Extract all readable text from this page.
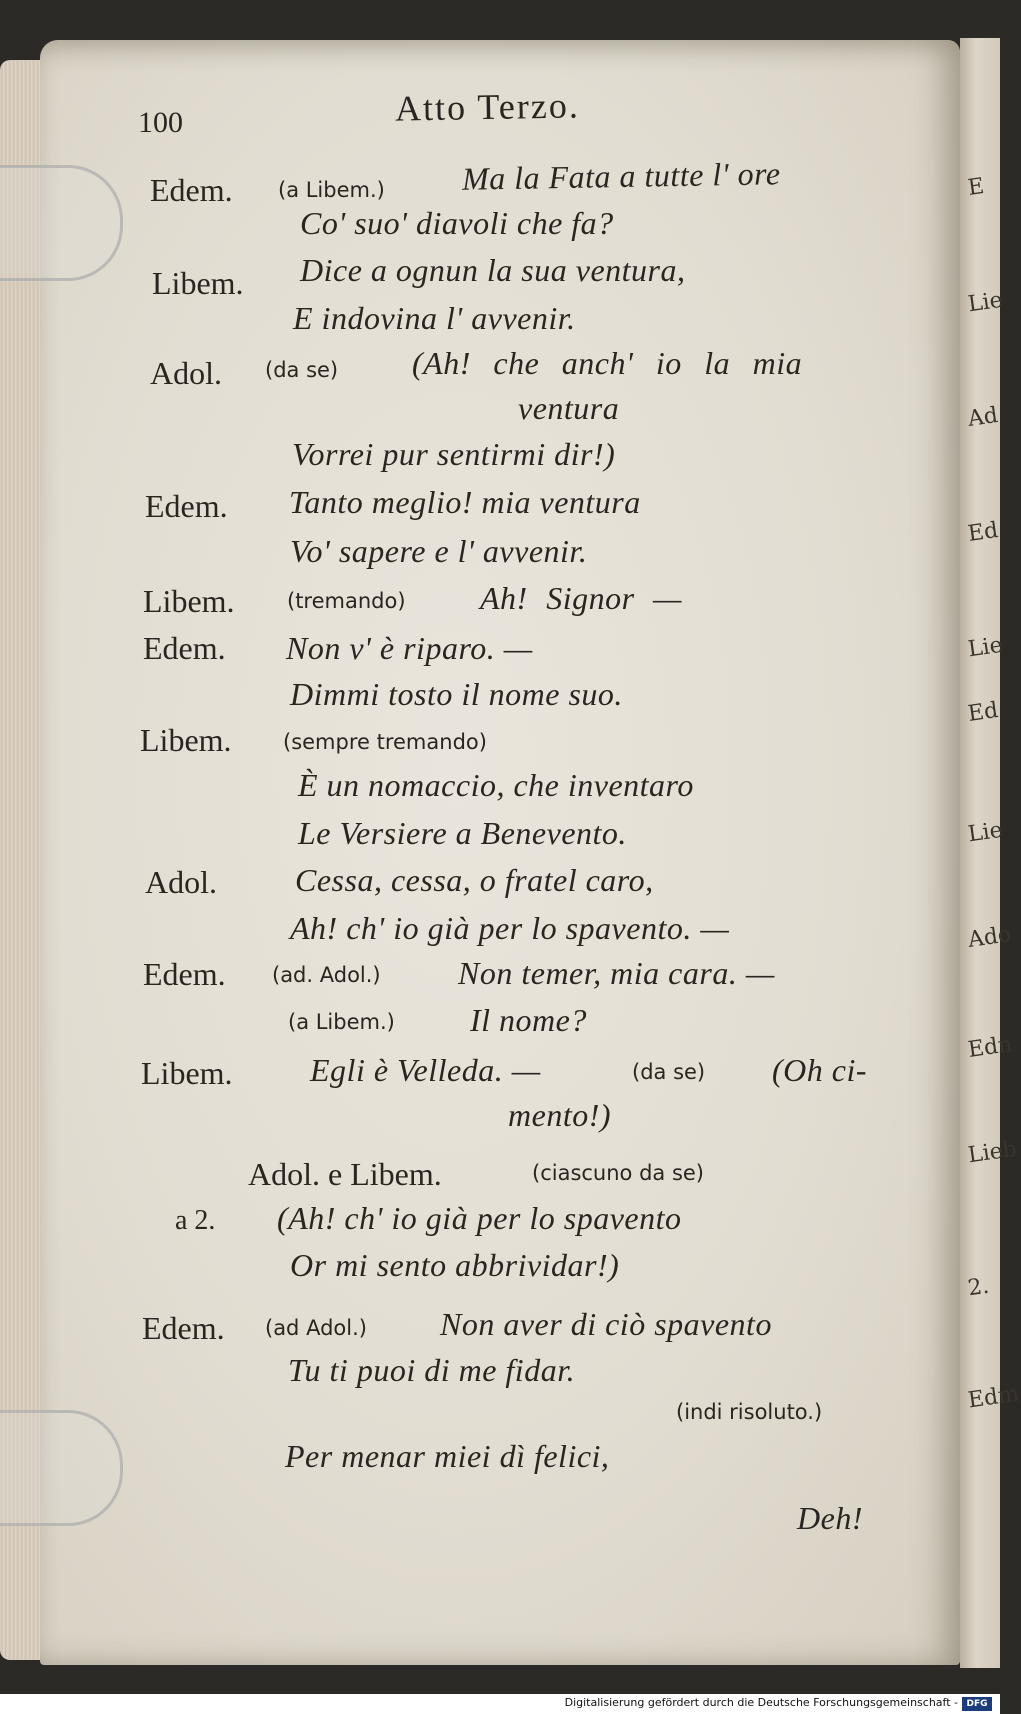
E
Lie
Ad
Ed
Lie
Ed
Lie
Ado
Edn
Lieb
2.
Edm
100	Atto Terzo.
Edem. (a Libem.) Ma la Fata a tutte l' ore
Co' suo' diavoli che fa?
Libem. Dice a ognun la sua ventura,
E indovina l' avvenir.
Adol. (da se) (Ah! che anch' io la mia
ventura
Vorrei pur sentirmi dir!)
Edem. Tanto meglio! mia ventura
Vo' sapere e l' avvenir.
Libem. (tremando) Ah! Signor —
Edem. Non v' è riparo. —
Dimmi tosto il nome suo.
Libem. (sempre tremando)
È un nomaccio, che inventaro
Le Versiere a Benevento.
Adol. Cessa, cessa, o fratel caro,
Ah! ch' io già per lo spavento. —
Edem. (ad. Adol.) Non temer, mia cara. —
(a Libem.) Il nome?
Libem. Egli è Velleda. —	(da se) (Oh ci-
mento!)
Adol. e Libem.	(ciascuno da se)
a 2. (Ah! ch' io già per lo spavento
Or mi sento abbrividar!)
Edem. (ad Adol.) Non aver di ciò spavento
Tu ti puoi di me fidar.
(indi risoluto.)
Per menar miei dì felici,
Deh!
Digitalisierung gefördert durch die Deutsche Forschungsgemeinschaft - DFG
